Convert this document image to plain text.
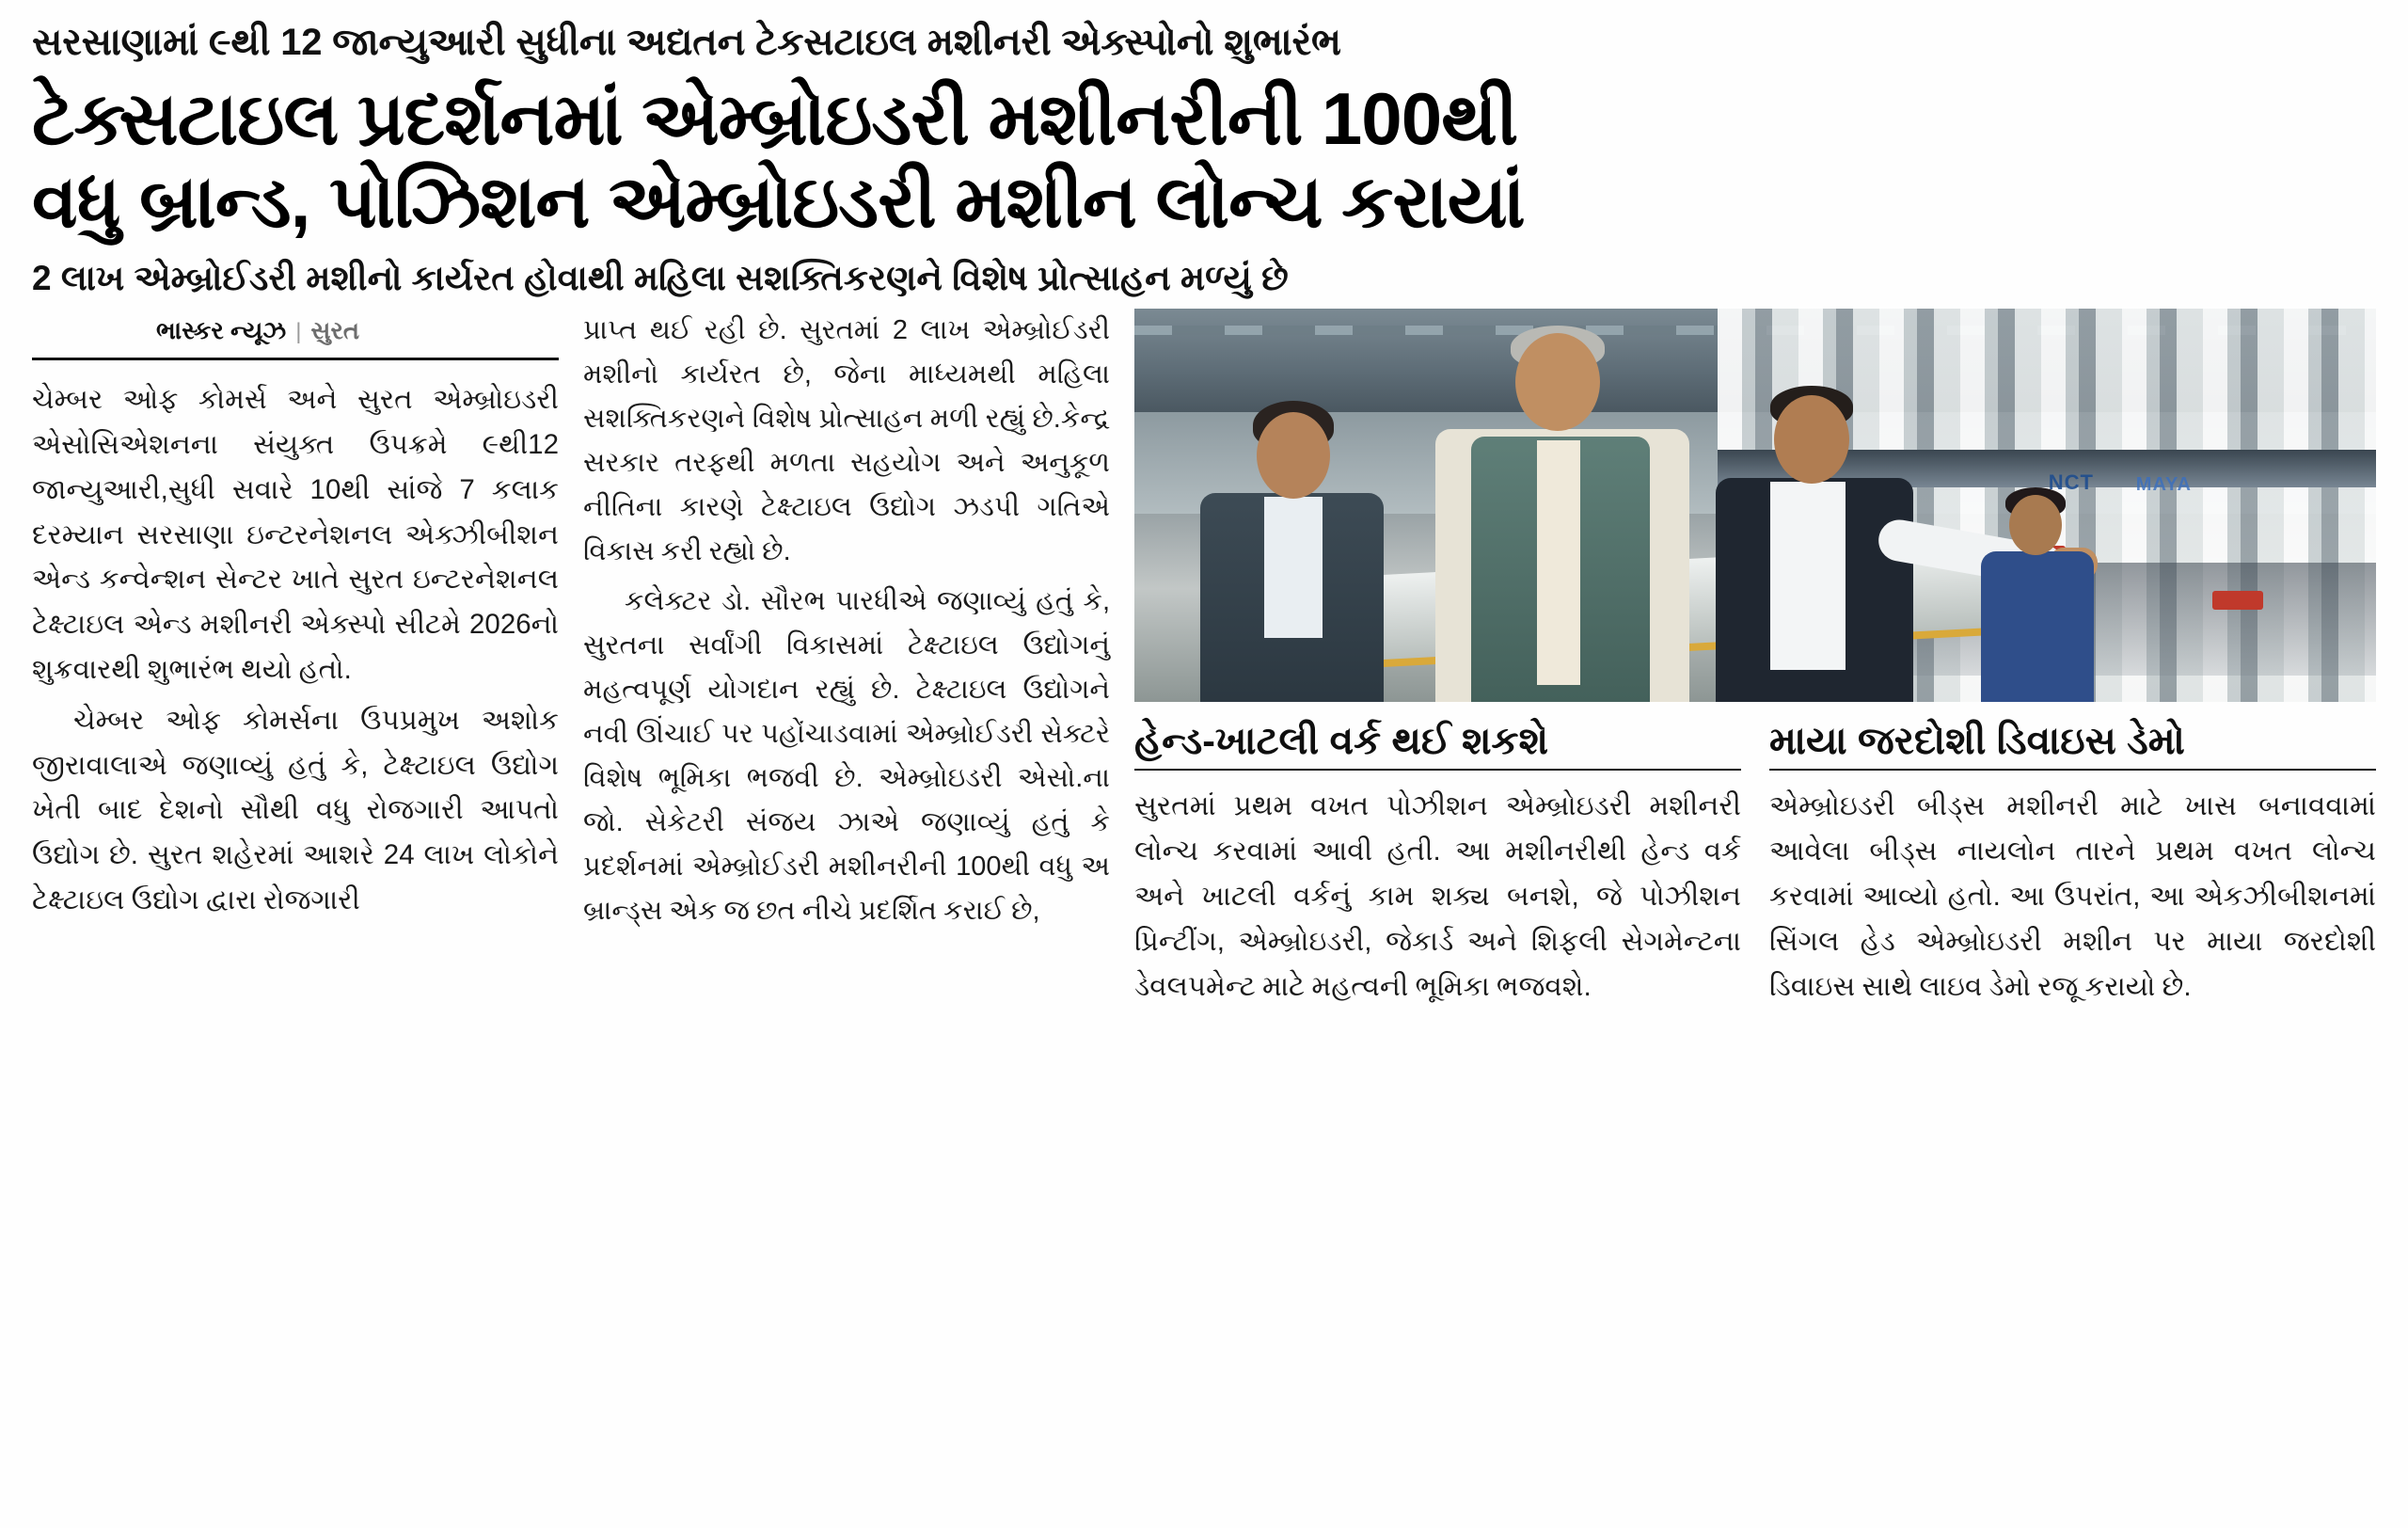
સરસાણામાં ૯થી 12 જાન્યુઆરી સુધીના અદ્યતન ટેકસટાઇલ મશીનરી એક્સ્પોનો શુભારંભ
ટેક્સટાઇલ પ્રદર્શનમાં એમ્બ્રોઇડરી મશીનરીની 100થી
વધુ બ્રાન્ડ, પોઝિશન એમ્બ્રોઇડરી મશીન લોન્ચ કરાયાં
2 લાખ એમ્બ્રોઈડરી મશીનો કાર્યરત હોવાથી મહિલા સશક્તિકરણને વિશેષ પ્રોત્સાહન મળ્યું છે
ભાસ્કર ન્યૂઝ | સુરત

ચેમ્બર ઓફ કોમર્સ અને સુરત એમ્બ્રોઇડરી એસોસિએશનના સંયુક્ત ઉપક્રમે ૯થી12 જાન્યુઆરી,સુધી સવારે 10થી સાંજે 7 કલાક દરમ્યાન સરસાણા ઇન્ટરનેશનલ એક્ઝીબીશન એન્ડ કન્વેન્શન સેન્ટર ખાતે સુરત ઇન્ટરનેશનલ ટેક્ષ્ટાઇલ એન્ડ મશીનરી એક્સ્પો સીટમે 2026નો શુક્રવારથી શુભારંભ થયો હતો.

ચેમ્બર ઓફ કોમર્સના ઉપપ્રમુખ અશોક જીરાવાલાએ જણાવ્યું હતું કે, ટેક્ષ્ટાઇલ ઉદ્યોગ ખેતી બાદ દેશનો સૌથી વધુ રોજગારી આપતો ઉદ્યોગ છે. સુરત શહેરમાં આશરે 24 લાખ લોકોને ટેક્ષ્ટાઇલ ઉદ્યોગ દ્વારા રોજગારી

પ્રાપ્ત થઈ રહી છે. સુરતમાં 2 લાખ એમ્બ્રોઈડરી મશીનો કાર્યરત છે, જેના માધ્યમથી મહિલા સશક્તિકરણને વિશેષ પ્રોત્સાહન મળી રહ્યું છે.કેન્દ્ર સરકાર તરફથી મળતા સહયોગ અને અનુકૂળ નીતિના કારણે ટેક્ષ્ટાઇલ ઉદ્યોગ ઝડપી ગતિએ વિકાસ કરી રહ્યો છે.

કલેક્ટર ડો. સૌરભ પારધીએ જણાવ્યું હતું કે, સુરતના સર્વાંગી વિકાસમાં ટેક્ષ્ટાઇલ ઉદ્યોગનું મહત્વપૂર્ણ યોગદાન રહ્યું છે. ટેક્ષ્ટાઇલ ઉદ્યોગને નવી ઊંચાઈ પર પહોંચાડવામાં એમ્બ્રોઈડરી સેક્ટરે વિશેષ ભૂમિકા ભજવી છે. એમ્બ્રોઇડરી એસો.ના જો. સેકેટરી સંજય ઝાએ જણાવ્યું હતું કે પ્રદર્શનમાં એમ્બ્રોઈડરી મશીનરીની 100થી વધુ અ બ્રાન્ડ્સ એક જ છત નીચે પ્રદર્શિત કરાઈ છે,

NCT MAYA
હેન્ડ-ખાટલી વર્ક થઈ શકશે

સુરતમાં પ્રથમ વખત પોઝીશન એમ્બ્રોઇડરી મશીનરી લોન્ચ કરવામાં આવી હતી. આ મશીનરીથી હેન્ડ વર્ક અને ખાટલી વર્કનું કામ શક્ય બનશે, જે પોઝીશન પ્રિન્ટીંગ, એમ્બ્રોઇડરી, જેકાર્ડ અને શિફલી સેગમેન્ટના ડેવલપમેન્ટ માટે મહત્વની ભૂમિકા ભજવશે.

માયા જરદોશી ડિવાઇસ ડેમો

એમ્બ્રોઇડરી બીડ્સ મશીનરી માટે ખાસ બનાવવામાં આવેલા બીડ્સ નાયલોન તારને પ્રથમ વખત લોન્ચ કરવામાં આવ્યો હતો. આ ઉપરાંત, આ એકઝીબીશનમાં સિંગલ હેડ એમ્બ્રોઇડરી મશીન પર માયા જરદોશી ડિવાઇસ સાથે લાઇવ ડેમો રજૂ કરાયો છે.
